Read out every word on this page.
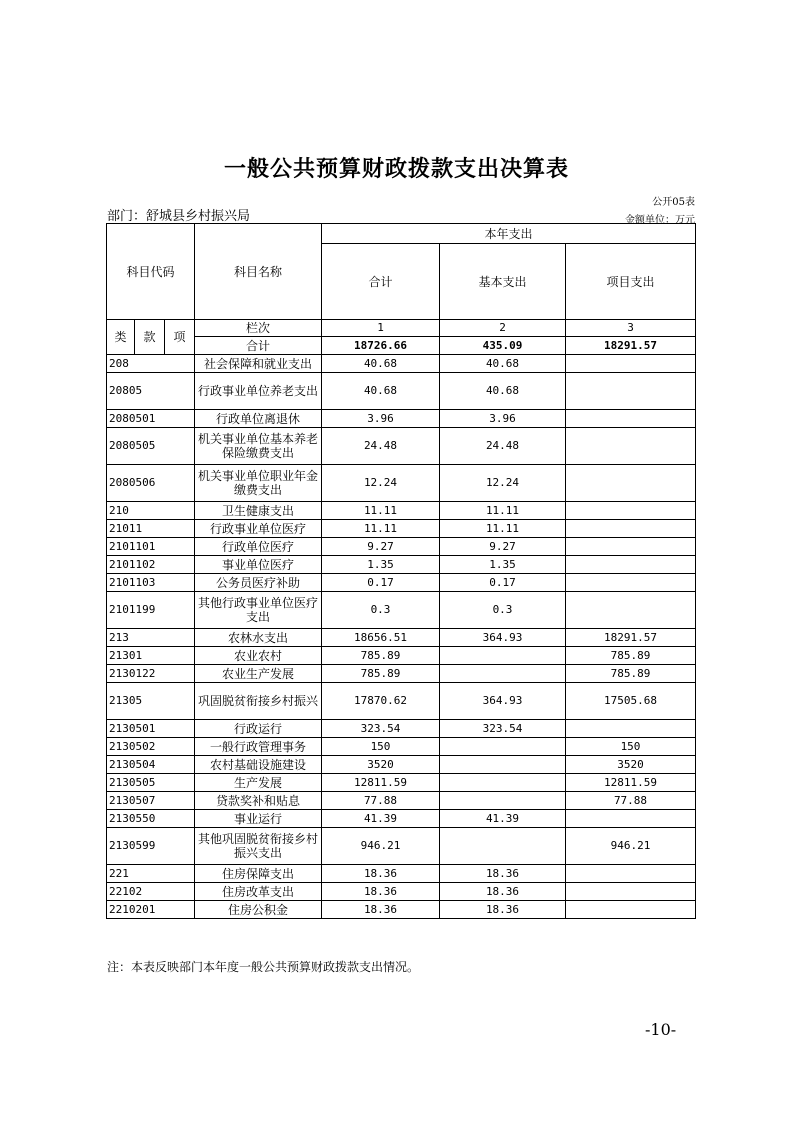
一般公共预算财政拨款支出决算表
公开05表
部门：舒城县乡村振兴局	金额单位：万元
科目代码			科目名称	本年支出		
				合计	基本支出	项目支出
类	款	项	栏次	1	2	3
			合计	18726.66	435.09	18291.57
208			社会保障和就业支出	40.68	40.68	
20805			行政事业单位养老支出	40.68	40.68	
2080501			行政单位离退休	3.96	3.96	
2080505			机关事业单位基本养老保险缴费支出	24.48	24.48	
2080506			机关事业单位职业年金缴费支出	12.24	12.24	
210			卫生健康支出	11.11	11.11	
21011			行政事业单位医疗	11.11	11.11	
2101101			行政单位医疗	9.27	9.27	
2101102			事业单位医疗	1.35	1.35	
2101103			公务员医疗补助	0.17	0.17	
2101199			其他行政事业单位医疗支出	0.3	0.3	
213			农林水支出	18656.51	364.93	18291.57
21301			农业农村	785.89		785.89
2130122			农业生产发展	785.89		785.89
21305			巩固脱贫衔接乡村振兴	17870.62	364.93	17505.68
2130501			行政运行	323.54	323.54	
2130502			一般行政管理事务	150		150
2130504			农村基础设施建设	3520		3520
2130505			生产发展	12811.59		12811.59
2130507			贷款奖补和贴息	77.88		77.88
2130550			事业运行	41.39	41.39	
2130599			其他巩固脱贫衔接乡村振兴支出	946.21		946.21
221			住房保障支出	18.36	18.36	
22102			住房改革支出	18.36	18.36	
2210201			住房公积金	18.36	18.36	
注：本表反映部门本年度一般公共预算财政拨款支出情况。
-10-
